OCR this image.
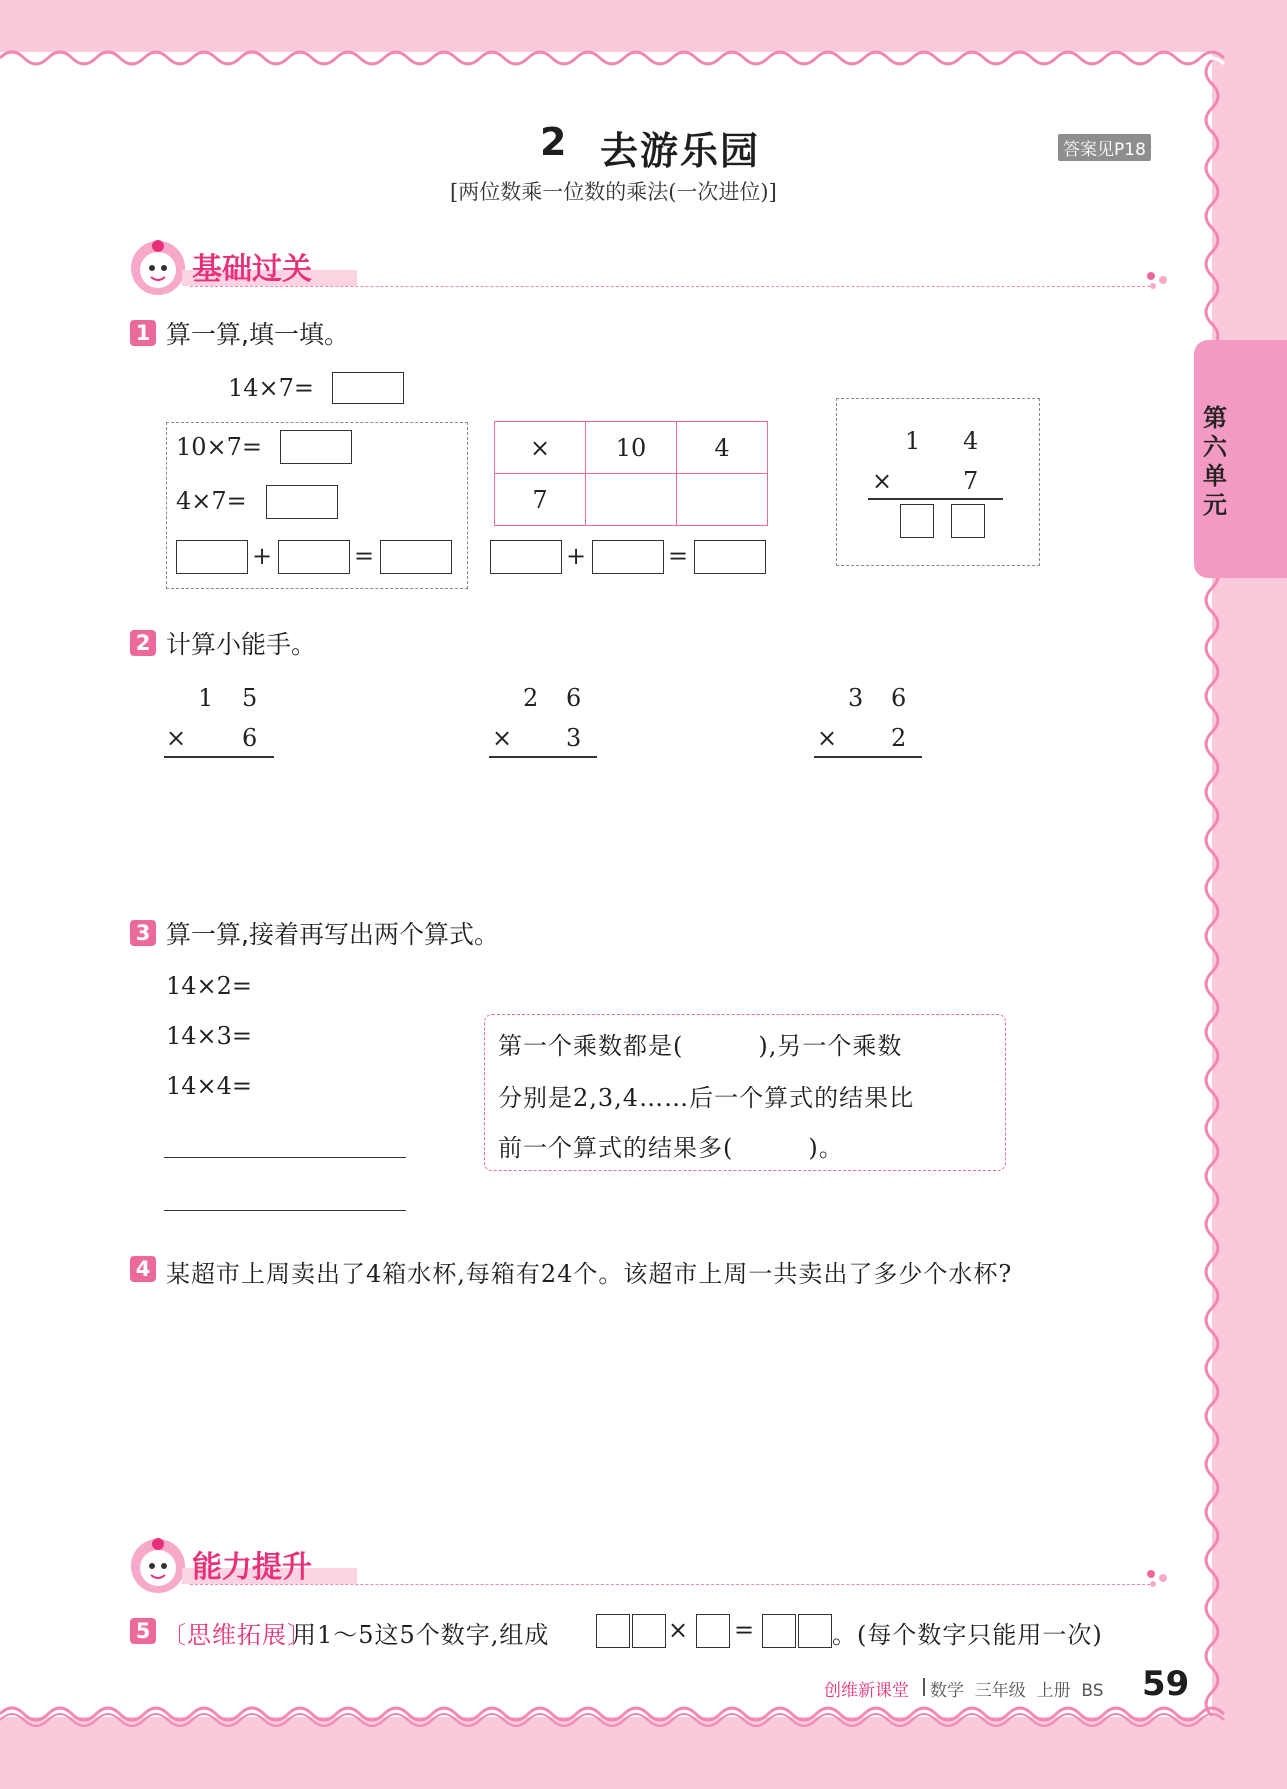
第六单元
2 去游乐园	答案见P18
[两位数乘一位数的乘法(一次进位)]
基础过关
1 算一算,填一填。
14×7=
10×7=
4×7=
+	=
×	10	4
7		
+	=
1 4
×	7
2 计算小能手。
1 5
× 6
2 6
× 3
3 6
× 2
3 算一算,接着再写出两个算式。
14×2=
14×3=
14×4=
第一个乘数都是(　　　),另一个乘数
分别是2,3,4……后一个算式的结果比
前一个算式的结果多(　　　)。
4 某超市上周卖出了4箱水杯,每箱有24个。该超市上周一共卖出了多少个水杯?
能力提升
5 〔思维拓展〕
用1～5这5个数字,组成	× =	。(每个数字只能用一次)
创维新课堂 数学  三年级  上册  BS 59
